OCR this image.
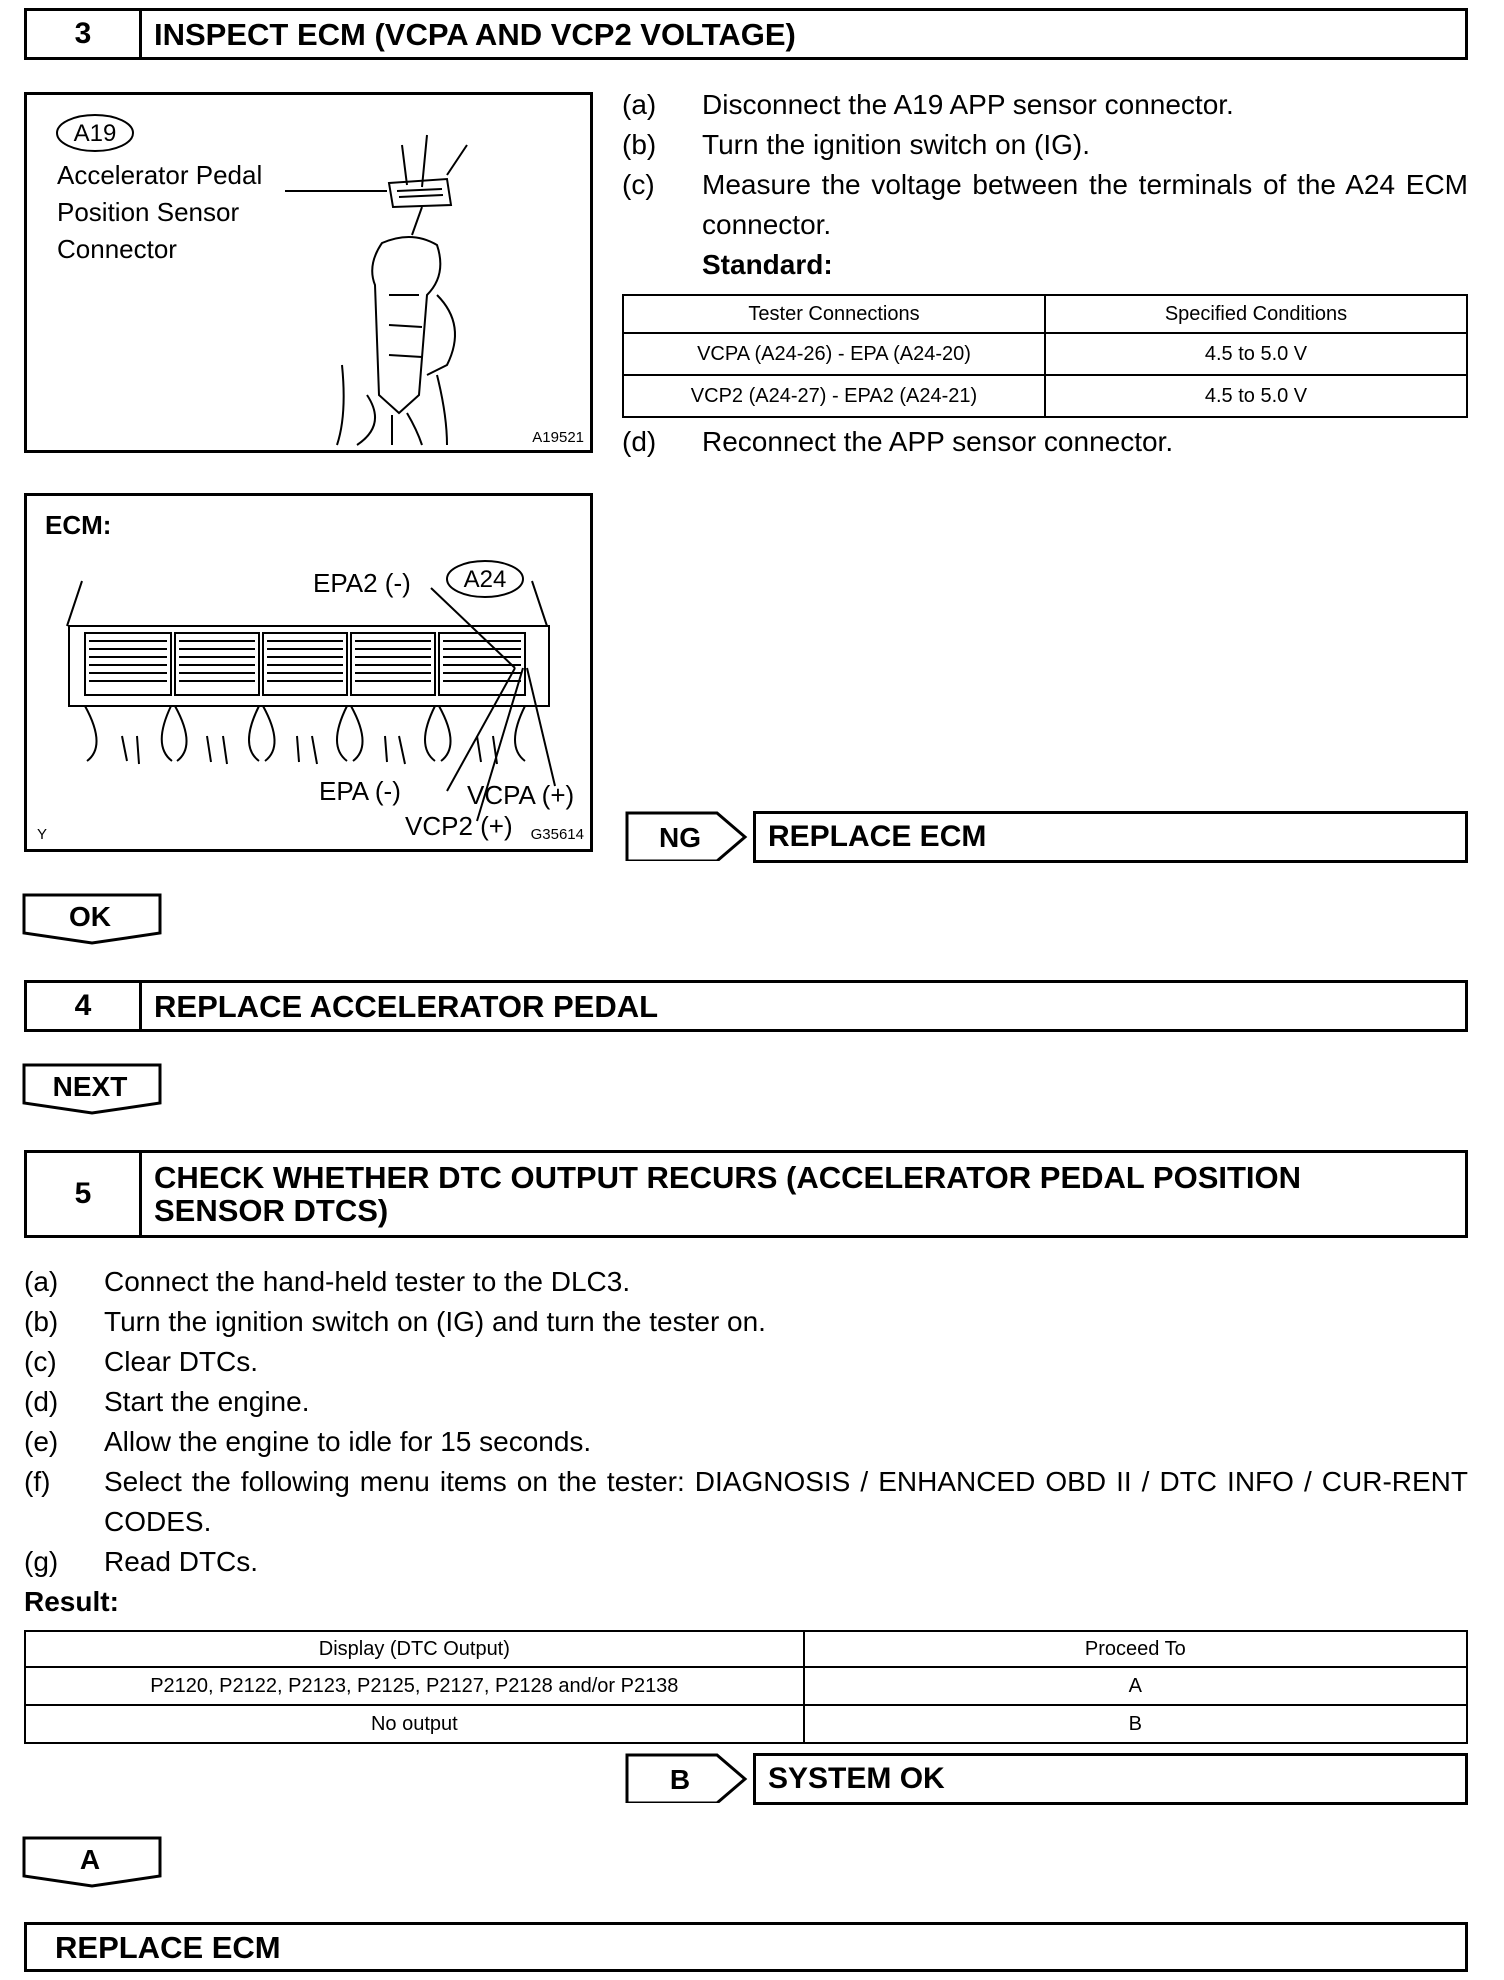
3	INSPECT ECM (VCPA AND VCP2 VOLTAGE)
A19
Accelerator Pedal
Position Sensor
Connector
A19521
(a)	Disconnect the A19 APP sensor connector.
(b)	Turn the ignition switch on (IG).
(c)	Measure the voltage between the terminals of the A24 ECM connector.
Standard:
Tester Connections	Specified Conditions
VCPA (A24-26) - EPA (A24-20)	4.5 to 5.0 V
VCP2 (A24-27) - EPA2 (A24-21)	4.5 to 5.0 V
(d)	Reconnect the APP sensor connector.
ECM:
A24
EPA2 (-)
EPA (-)	VCPA (+)
VCP2 (+)
Y	G35614	NG	REPLACE ECM
OK
4	REPLACE ACCELERATOR PEDAL
NEXT
5	CHECK WHETHER DTC OUTPUT RECURS (ACCELERATOR PEDAL POSITION
SENSOR DTCS)
(a)	Connect the hand-held tester to the DLC3.
(b)	Turn the ignition switch on (IG) and turn the tester on.
(c)	Clear DTCs.
(d)	Start the engine.
(e)	Allow the engine to idle for 15 seconds.
(f)	Select the following menu items on the tester: DIAGNOSIS / ENHANCED OBD II / DTC INFO / CUR-RENT CODES.
(g)	Read DTCs.
Result:
Display (DTC Output)	Proceed To
P2120, P2122, P2123, P2125, P2127, P2128 and/or P2138	A
No output	B
B	SYSTEM OK
A
REPLACE ECM
